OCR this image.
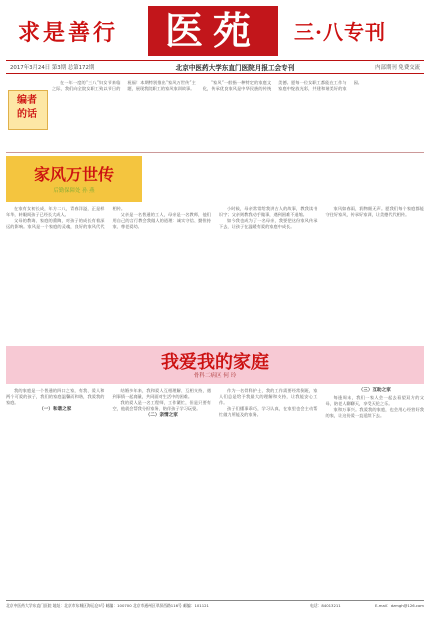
求是善行	医苑	三·八专刊
2017年3月24日 第3期 总第172期	北京中医药大学东直门医院月报工会专刊	内部期刊 免费交流
编者的话

在一年一度的“三八”妇女节来临之际，我们向全院女职工致以节日的祝福！本期特别推出“家风万世传”主题，展现我院职工的家风家训故事。

“家风”一般指一种特定的家庭文化，传承优良家风是中华民族的传统美德。愿每一位女职工都能在工作与家庭中绽放光彩，共建和谐美好的家园。

家风万世传
后勤保障处 孙 燕

在家有女初长成，年方二八，青春洋溢，正是样年华，转眼间孩子已经长大成人。

父母的教诲、家庭的熏陶，对孩子的成长有着深远的影响。家风是一个家庭的灵魂，良好的家风代代相传。

父亲是一名普通的工人，母亲是一名教师，他们用自己的言行教会我做人的道理：诚实守信、勤俭持家、尊老爱幼。

小时候，母亲常常给我讲古人的故事，教我读书识字；父亲则教我动手做事，遇到困难不退缩。

如今我也成为了一名母亲，我要把这份家风传承下去，让孩子在温暖有爱的家庭中成长。

家风如春雨，润物细无声。愿我们每个家庭都能守住好家风，传承好家训，让美德代代相传。

我爱我的家庭
骨科二病区 何 玲

我的家庭是一个普通的四口之家，有我、爱人和两个可爱的孩子，我们的家庭温馨而和谐，我爱我的家庭。

（一）和谐之家

结婚多年来，我和爱人互相理解、互相支持，遇到事情一起商量，共同面对生活中的困难。

我的爱人是一名工程师，工作繁忙，但是只要有空，他就会帮我分担家务，陪伴孩子学习玩耍。

（二）亲情之家

作为一名骨科护士，我的工作需要经常倒班，家人们总是给予我最大的理解和支持，让我能安心工作。

孩子们懂事乖巧，学习认真，在家里也会主动帮忙做力所能及的家务。

（三）互助之家

每逢周末，我们一家人会一起去看望双方的父母，陪老人聊聊天，享受天伦之乐。

家和万事兴。我爱我的家庭，也会用心经营好我的家，让这份爱一直延续下去。

北京中医药大学东直门医院 地址：北京市东城区海运仓5号 邮编：100700 北京市通州区翠屏西路116号 邮编：101121	电话：84013211	E-mail：dzmgh@126.com
